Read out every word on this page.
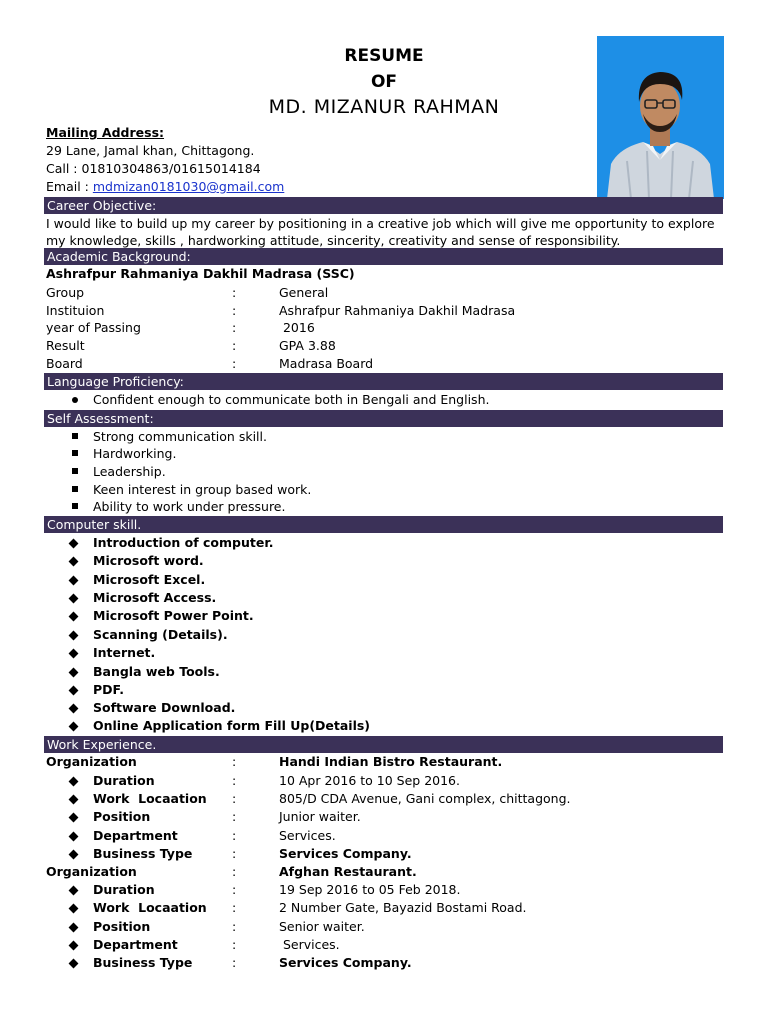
RESUME
OF
MD. MIZANUR RAHMAN
Mailing Address:
29 Lane, Jamal khan, Chittagong.
Call : 01810304863/01615014184
Email : mdmizan0181030@gmail.com
Career Objective:
I would like to build up my career by positioning in a creative job which will give me opportunity to explore
my knowledge, skills , hardworking attitude, sincerity, creativity and sense of responsibility.
Academic Background:
Ashrafpur Rahmaniya Dakhil Madrasa (SSC)
Group	:	General
Instituion	:	Ashrafpur Rahmaniya Dakhil Madrasa
year of Passing	:	2016
Result	:	GPA 3.88
Board	:	Madrasa Board
Language Proficiency:
Confident enough to communicate both in Bengali and English.
Self Assessment:
Strong communication skill.
Hardworking.
Leadership.
Keen interest in group based work.
Ability to work under pressure.
Computer skill.
Introduction of computer.
Microsoft word.
Microsoft Excel.
Microsoft Access.
Microsoft Power Point.
Scanning (Details).
Internet.
Bangla web Tools.
PDF.
Software Download.
Online Application form Fill Up(Details)
Work Experience.
Organization	:	Handi Indian Bistro Restaurant.
Duration	:	10 Apr 2016 to 10 Sep 2016.
Work  Locaation :	805/D CDA Avenue, Gani complex, chittagong.
Position	:	Junior waiter.
Department	:	Services.
Business Type	:	Services Company.
Organization	:	Afghan Restaurant.
Duration	:	19 Sep 2016 to 05 Feb 2018.
Work  Locaation :	2 Number Gate, Bayazid Bostami Road.
Position	:	Senior waiter.
Department	:	Services.
Business Type	:	Services Company.
